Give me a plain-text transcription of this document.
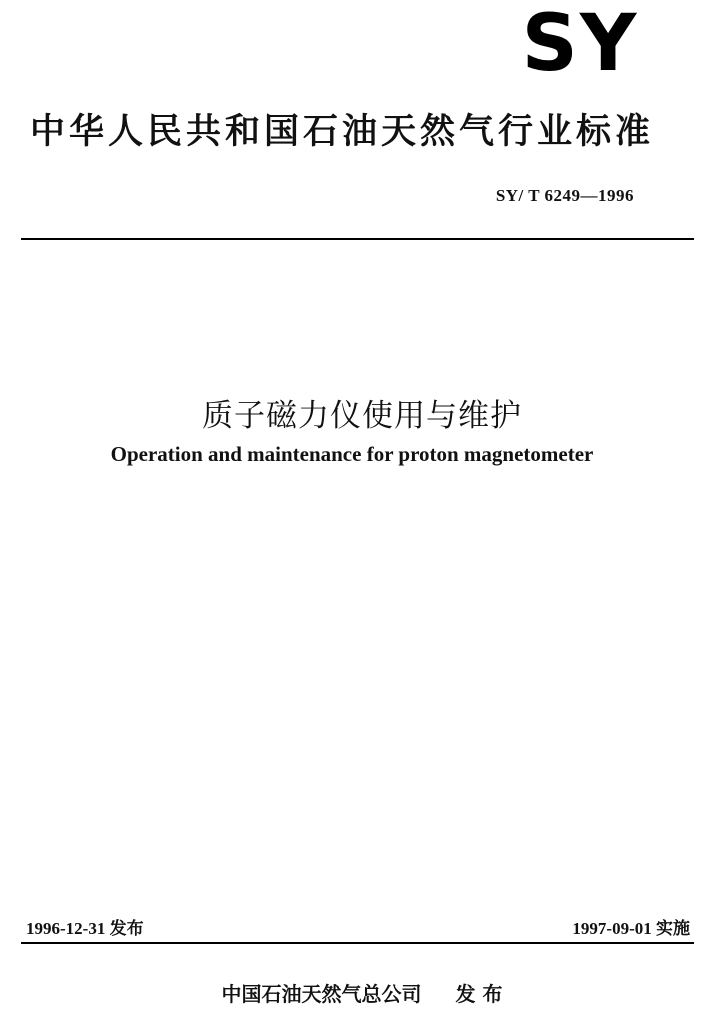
SY
中华人民共和国石油天然气行业标准
SY/ T 6249—1996
质子磁力仪使用与维护
Operation and maintenance for proton magnetometer
1996-12-31 发布	1997-09-01 实施
中国石油天然气总公司 发 布
